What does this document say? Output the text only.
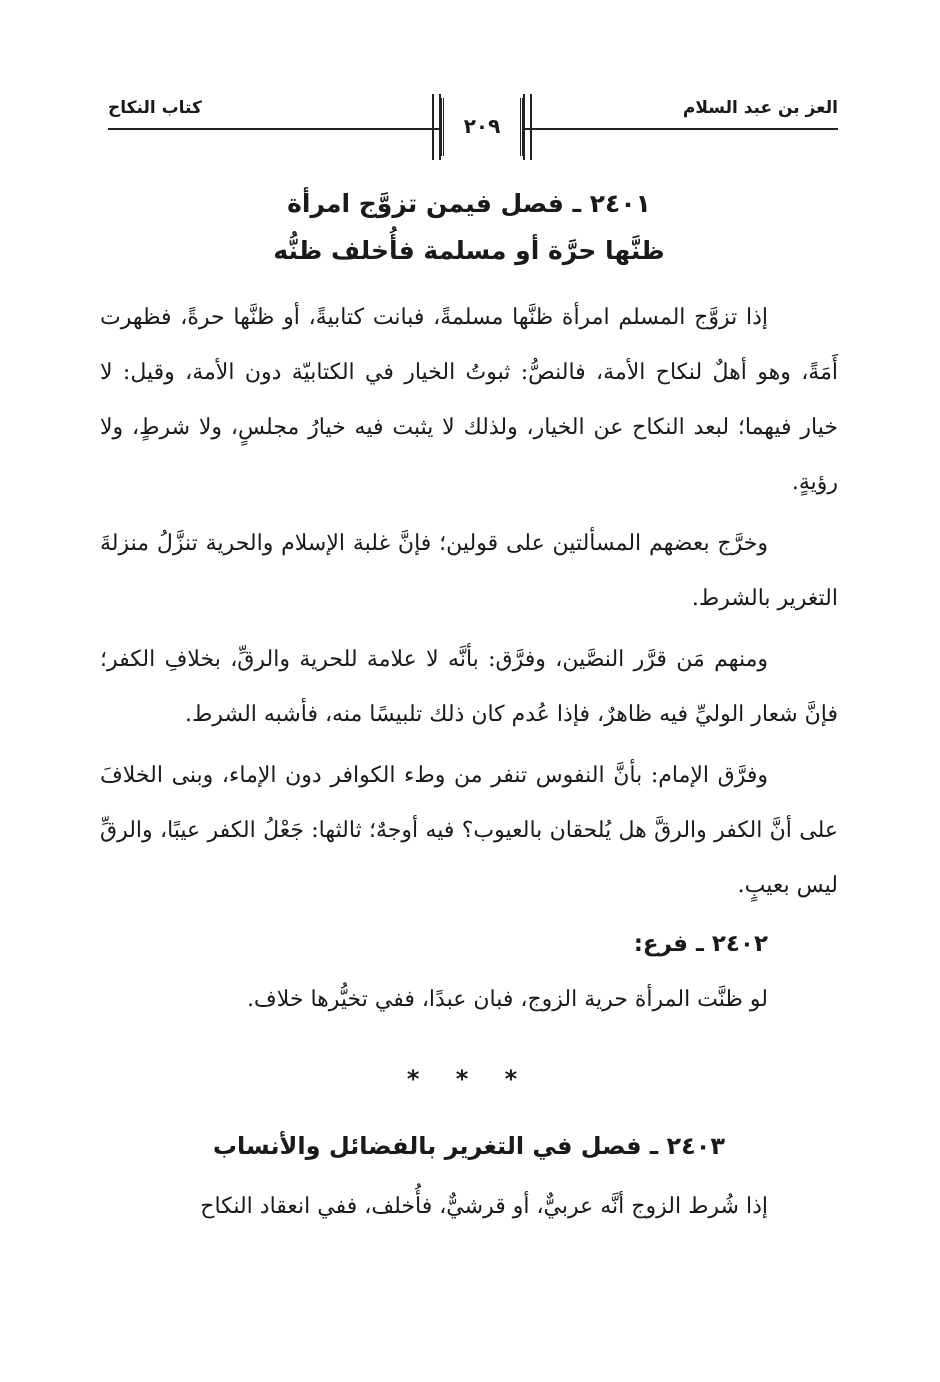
العز بن عبد السلام
كتاب النكاح
٢٠٩

٢٤٠١ ـ فصل فيمن تزوَّج امرأة

ظنَّها حرَّة أو مسلمة فأُخلف ظنُّه

إذا تزوَّج المسلم امرأة ظنَّها مسلمةً، فبانت كتابيةً، أو ظنَّها حرةً، فظهرت أَمَةً، وهو أهلٌ لنكاح الأمة، فالنصُّ: ثبوتُ الخيار في الكتابيّة دون الأمة، وقيل: لا خيار فيهما؛ لبعد النكاح عن الخيار، ولذلك لا يثبت فيه خيارُ مجلسٍ، ولا شرطٍ، ولا رؤيةٍ.

وخرَّج بعضهم المسألتين على قولين؛ فإنَّ غلبة الإسلام والحرية تنزَّلُ منزلةَ التغرير بالشرط.

ومنهم مَن قرَّر النصَّين، وفرَّق: بأنَّه لا علامة للحرية والرقِّ، بخلافِ الكفر؛ فإنَّ شعار الوليِّ فيه ظاهرٌ، فإذا عُدم كان ذلك تلبيسًا منه، فأشبه الشرط.

وفرَّق الإمام: بأنَّ النفوس تنفر من وطء الكوافر دون الإماء، وبنى الخلافَ على أنَّ الكفر والرقَّ هل يُلحقان بالعيوب؟ فيه أوجهٌ؛ ثالثها: جَعْلُ الكفر عيبًا، والرقِّ ليس بعيبٍ.

٢٤٠٢ ـ فرع:

لو ظنَّت المرأة حرية الزوج، فبان عبدًا، ففي تخيُّرها خلاف.

* * *

٢٤٠٣ ـ فصل في التغرير بالفضائل والأنساب

إذا شُرط الزوج أنَّه عربيٌّ، أو قرشيٌّ، فأُخلف، ففي انعقاد النكاح
